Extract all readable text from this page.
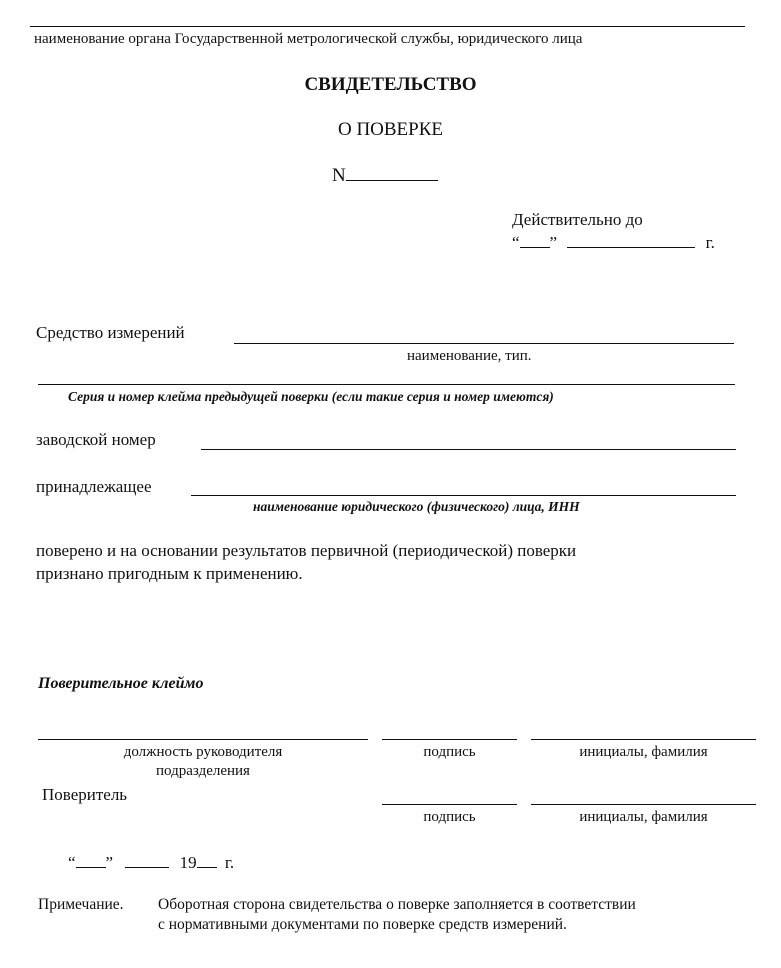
наименование органа Государственной метрологической службы, юридического лица
СВИДЕТЕЛЬСТВО
О ПОВЕРКЕ
N
Действительно до
“ ”	г.
Средство измерений
наименование, тип.
Серия и номер клейма предыдущей поверки (если такие серия и номер имеются)
заводской номер
принадлежащее
наименование юридического (физического) лица, ИНН
поверено и на основании результатов первичной (периодической) поверки
признано пригодным к применению.
Поверительное клеймо
должность руководителя
подразделения
подпись	инициалы, фамилия
Поверитель
подпись	инициалы, фамилия
“ ”	19 г.
Примечание. Оборотная сторона свидетельства о поверке заполняется в соответствии
с нормативными документами по поверке средств измерений.
